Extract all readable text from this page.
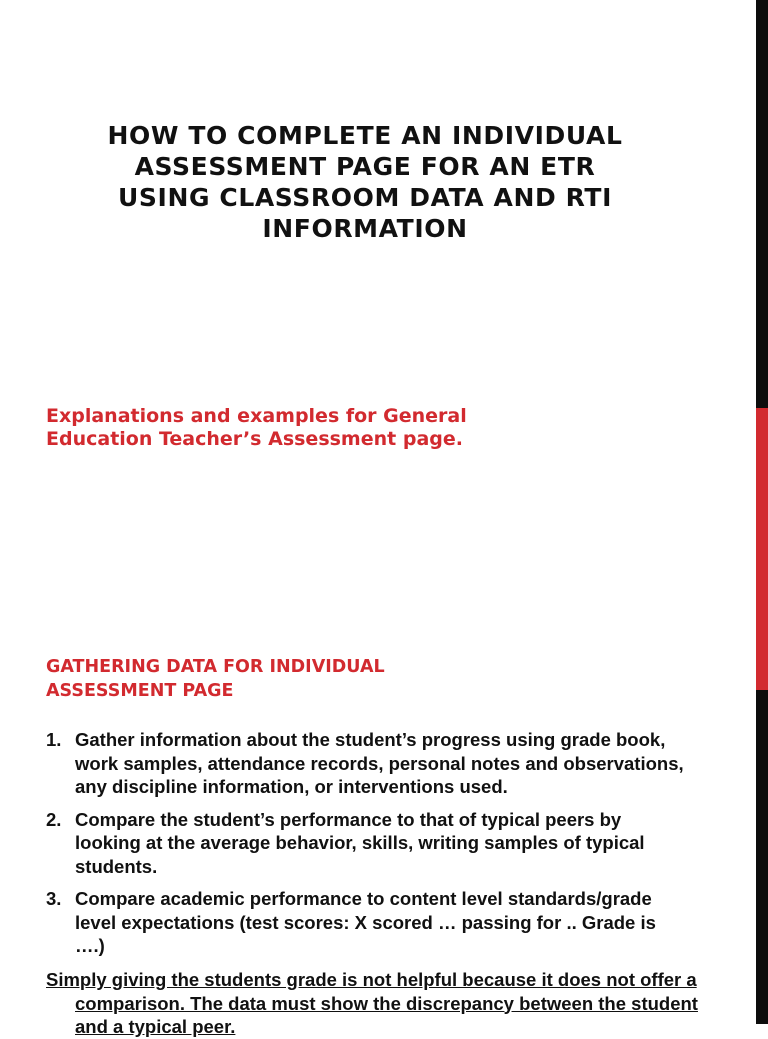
HOW TO COMPLETE AN INDIVIDUAL ASSESSMENT PAGE FOR AN ETR USING CLASSROOM DATA AND RTI INFORMATION

Explanations and examples for General Education Teacher’s Assessment page.

GATHERING DATA FOR INDIVIDUAL ASSESSMENT PAGE
1. Gather information about the student’s progress using grade book, work samples, attendance records, personal notes and observations, any discipline information, or interventions used.
2. Compare the student’s performance to that of typical peers by looking at the average behavior, skills, writing samples of typical students.
3. Compare academic performance to content level standards/grade level expectations (test scores: X scored … passing for .. Grade is ….)

Simply giving the students grade is not helpful because it does not offer a comparison. The data must show the discrepancy between the student and a typical peer.
